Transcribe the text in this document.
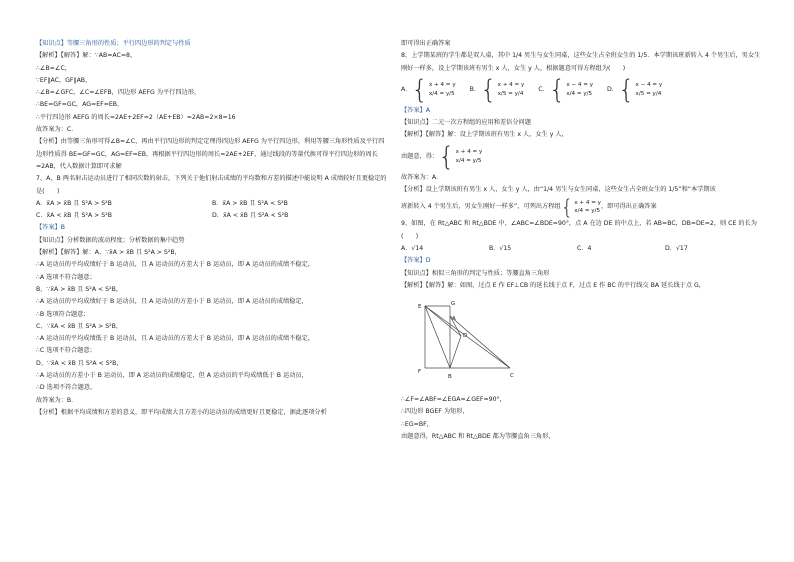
【知识点】等腰三角形的性质；平行四边形的判定与性质
【解析】【解答】解：∵AB=AC=8，
∴∠B=∠C，
∵EF∥AC，GF∥AB，
∴∠B=∠GFC，∠C=∠EFB，四边形 AEFG 为平行四边形，
∴BE=GF=GC，AG=EF=EB，
∴平行四边形 AEFG 的周长=2AE+2EF=2（AE+EB）=2AB=2×8=16
故答案为：C．
【分析】由等腰三角形可得∠B=∠C，再由平行四边形的判定定理得四边形 AEFG 为平行四边形，利用等腰三角形性质及平行四边形性质得 BE=GF=GC，AG=EF=EB，再根据平行四边形的周长=2AE+2EF，通过线段的等量代换可得平行四边形的周长=2AB，代入数据计算即可求解
7、A、B 两名射击运动员进行了相同次数的射击，下列关于他们射击成绩的平均数和方差的描述中能说明 A 成绩较好且更稳定的是(　　)
A．x̄A > x̄B 且 S²A > S²B	B．x̄A > x̄B 且 S²A < S²B
C．x̄A < x̄B 且 S²A > S²B	D．x̄A < x̄B 且 S²A < S²B
【答案】B
【知识点】分析数据的波动程度；分析数据的集中趋势
【解析】【解答】解：A、∵x̄A > x̄B 且 S²A > S²B，
∴A 运动员的平均成绩好于 B 运动员，且 A 运动员的方差大于 B 运动员，即 A 运动员的成绩不稳定，
∴A 选项不符合题意；
B、∵x̄A > x̄B 且 S²A < S²B，
∴A 运动员的平均成绩好于 B 运动员，且 A 运动员的方差小于 B 运动员，即 A 运动员的成绩稳定，
∴B 选项符合题意；
C、∵x̄A < x̄B 且 S²A > S²B，
∴A 运动员的平均成绩低于 B 运动员，且 A 运动员的方差大于 B 运动员，即 A 运动员的成绩不稳定，
∴C 选项不符合题意；
D、∵x̄A < x̄B 且 S²A < S²B，
∴A 运动员的方差小于 B 运动员，即 A 运动员的成绩稳定，但 A 运动员的平均成绩低于 B 运动员，
∴D 选项不符合题意，
故答案为：B．
【分析】根据平均成绩和方差的意义，即平均成绩大且方差小的运动员的成绩更好且更稳定，据此逐项分析
即可得出正确答案
8、上学期某班的学生都是双人桌，其中 1/4 男生与女生同桌，这些女生占全班女生的 1/5．本学期该班新转入 4 个男生后，男女生刚好一样多，设上学期该班有男生 x 人，女生 y 人，根据题意可得方程组为(　　)
A． { x + 4 = y
x/4 = y/5
B． { x + 4 = y
x/5 = y/4
C． { x − 4 = y
x/4 = y/5
D． { x − 4 = y
x/5 = y/4
【答案】A
【知识点】二元一次方程组的应用和差倍分问题
【解析】【解答】解：设上学期该班有男生 x 人，女生 y 人，
由题意，得： { x + 4 = y
x/4 = y/5
故答案为：A．
【分析】设上学期该班有男生 x 人，女生 y 人，由“1/4 男生与女生同桌，这些女生占全班女生的 1/5”和“本学期该
班新转入 4 个男生后，男女生刚好一样多”，可列出方程组 { x + 4 = y
x/4 = y/5
，即可得出正确答案
9、如图，在 Rt△ABC 和 Rt△BDE 中，∠ABC=∠BDE=90°，点 A 在边 DE 的中点上，若 AB=BC，DB=DE=2，则 CE 的长为(　　)
A．√14	B．√15	C．4	D．√17
【答案】D
【知识点】相似三角形的判定与性质；等腰直角三角形
【解析】【解答】解：如图，过点 E 作 EF⊥CB 的延长线于点 F，过点 E 作 BC 的平行线交 BA 延长线于点 G，
E	G
D
A
F
B	C
∴∠F=∠ABF=∠EGA=∠GEF=90°，
∴四边形 BGEF 为矩形，
∴EG=BF，
由题意得，Rt△ABC 和 Rt△BDE 都为等腰直角三角形，
